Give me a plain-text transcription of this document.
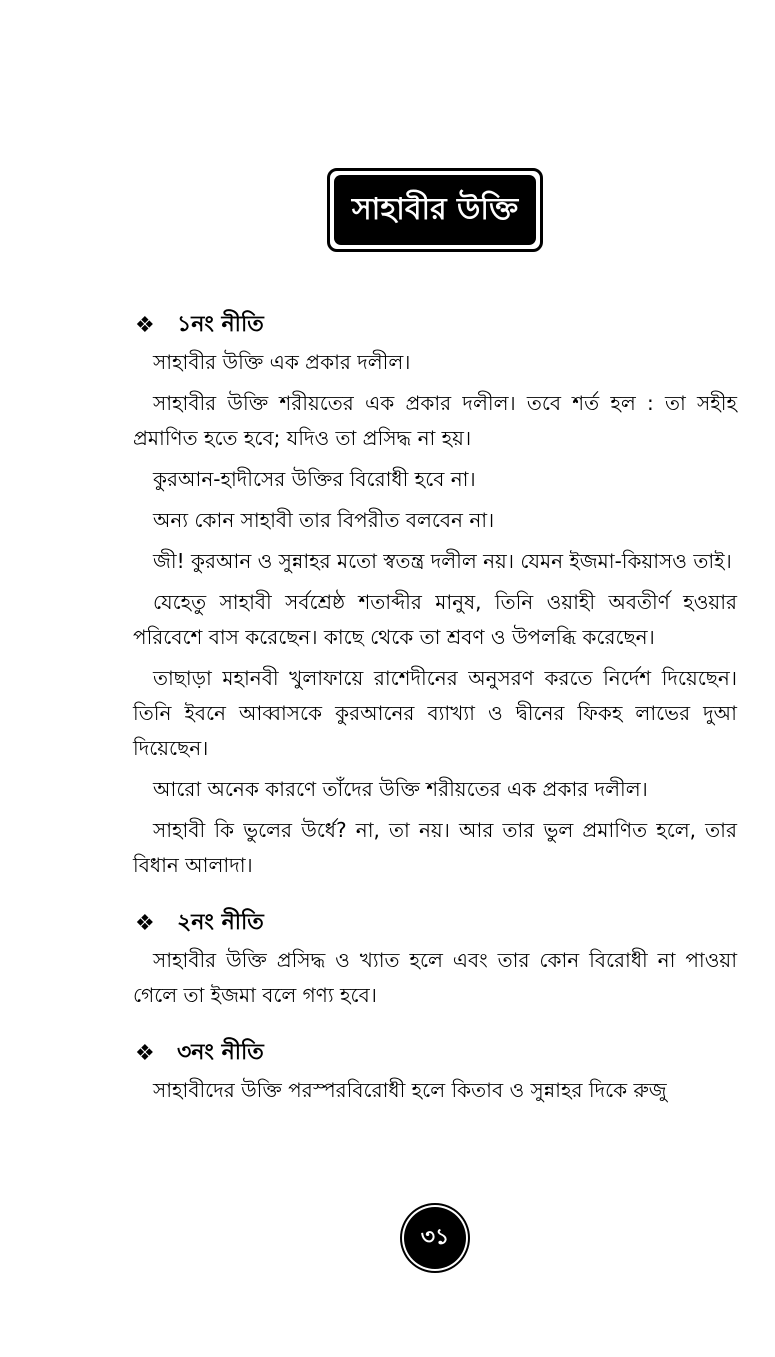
সাহাবীর উক্তি
❖ ১নং নীতি

সাহাবীর উক্তি এক প্রকার দলীল।

সাহাবীর উক্তি শরীয়তের এক প্রকার দলীল। তবে শর্ত হল : তা সহীহ প্রমাণিত হতে হবে; যদিও তা প্রসিদ্ধ না হয়।

কুরআন-হাদীসের উক্তির বিরোধী হবে না।

অন্য কোন সাহাবী তার বিপরীত বলবেন না।

জী! কুরআন ও সুন্নাহর মতো স্বতন্ত্র দলীল নয়। যেমন ইজমা-কিয়াসও তাই।

যেহেতু সাহাবী সর্বশ্রেষ্ঠ শতাব্দীর মানুষ, তিনি ওয়াহী অবতীর্ণ হওয়ার পরিবেশে বাস করেছেন। কাছে থেকে তা শ্রবণ ও উপলব্ধি করেছেন।

তাছাড়া মহানবী খুলাফায়ে রাশেদীনের অনুসরণ করতে নির্দেশ দিয়েছেন। তিনি ইবনে আব্বাসকে কুরআনের ব্যাখ্যা ও দ্বীনের ফিকহ লাভের দুআ দিয়েছেন।

আরো অনেক কারণে তাঁদের উক্তি শরীয়তের এক প্রকার দলীল।

সাহাবী কি ভুলের উর্ধে? না, তা নয়। আর তার ভুল প্রমাণিত হলে, তার বিধান আলাদা।

❖ ২নং নীতি

সাহাবীর উক্তি প্রসিদ্ধ ও খ্যাত হলে এবং তার কোন বিরোধী না পাওয়া গেলে তা ইজমা বলে গণ্য হবে।

❖ ৩নং নীতি

সাহাবীদের উক্তি পরস্পরবিরোধী হলে কিতাব ও সুন্নাহর দিকে রুজু

৩১
